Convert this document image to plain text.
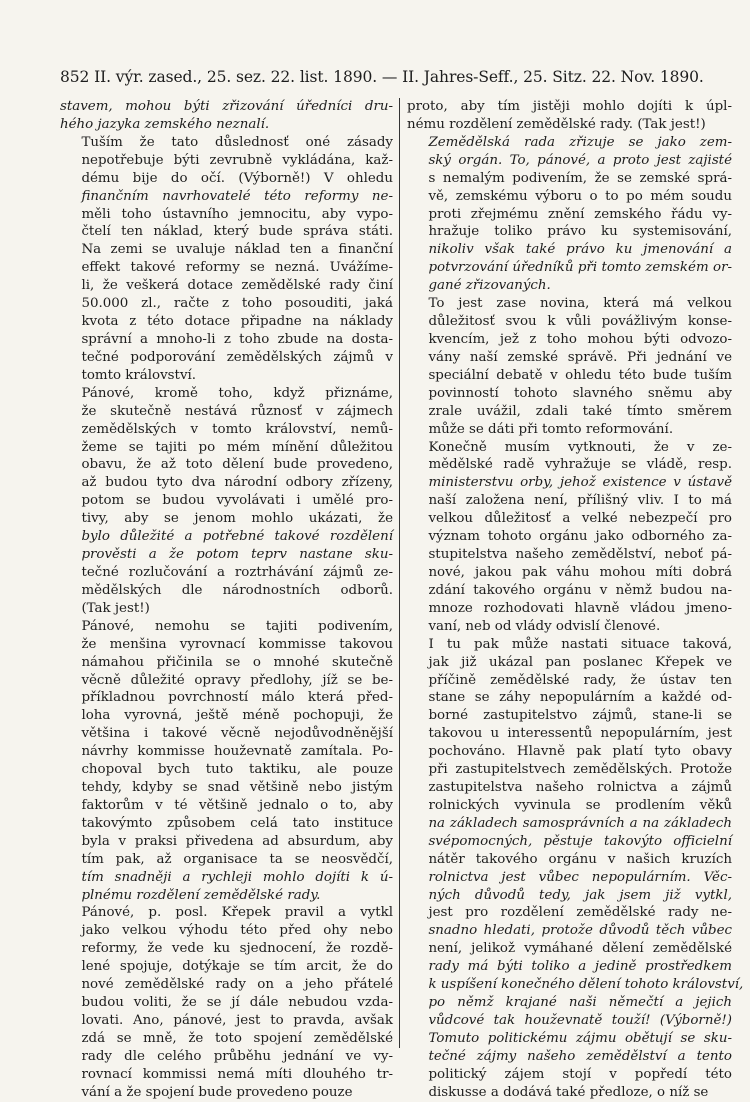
852 II. výr. zased., 25. sez. 22. list. 1890. — II. Jahres-Seff., 25. Sitz. 22. Nov. 1890.

stavem, mohou býti zřizování úředníci dru-
hého jazyka zemského neznalí.

Tuším že tato důslednosť oné zásady
nepotřebuje býti zevrubně vykládána, kaž-
dému bije do očí. (Výborně!) V ohledu
finančním navrhovatelé této reformy ne-
měli toho ústavního jemnocitu, aby vypo-
čtelí ten náklad, který bude správa státi.
Na zemi se uvaluje náklad ten a finanční
effekt takové reformy se nezná. Uvážíme-
li, že veškerá dotace zemědělské rady činí
50.000 zl., račte z toho posouditi, jaká
kvota z této dotace připadne na náklady
správní a mnoho-li z toho zbude na dosta-
tečné podporování zemědělských zájmů v
tomto království.

Pánové, kromě toho, když přiznáme,
že skutečně nestává různosť v zájmech
zemědělských v tomto království, nemů-
žeme se tajiti po mém mínění důležitou
obavu, že až toto dělení bude provedeno,
až budou tyto dva národní odbory zřízeny,
potom se budou vyvolávati i umělé pro-
tivy, aby se jenom mohlo ukázati, že
bylo důležité a potřebné takové rozdělení
prověsti a že potom teprv nastane sku-
tečné rozlučování a roztrhávání zájmů ze-
mědělských dle národnostních odborů.
(Tak jest!)

Pánové, nemohu se tajiti podivením,
že menšina vyrovnací kommisse takovou
námahou přičinila se o mnohé skutečně
věcně důležité opravy předlohy, jíž se be-
příkladnou povrchností málo která před-
loha vyrovná, ještě méně pochopuji, že
většina i takové věcně nejodůvodněnější
návrhy kommisse houževnatě zamítala. Po-
chopoval bych tuto taktiku, ale pouze
tehdy, kdyby se snad většině nebo jistým
faktorům v té většině jednalo o to, aby
takovýmto způsobem celá tato instituce
byla v praksi přivedena ad absurdum, aby
tím pak, až organisace ta se neosvědčí,
tím snadněji a rychleji mohlo dojíti k ú-
plnému rozdělení zemědělské rady.

Pánové, p. posl. Křepek pravil a vytkl
jako velkou výhodu této před ohy nebo
reformy, že vede ku sjednocení, že rozdě-
lené spojuje, dotýkaje se tím arcit, že do
nové zemědělské rady on a jeho přátelé
budou voliti, že se jí dále nebudou vzda-
lovati. Ano, pánové, jest to pravda, avšak
zdá se mně, že toto spojení zemědělské
rady dle celého průběhu jednání ve vy-
rovnací kommissi nemá míti dlouhého tr-
vání a že spojení bude provedeno pouze

proto, aby tím jistěji mohlo dojíti k úpl-
nému rozdělení zemědělské rady. (Tak jest!)

Zemědělská rada zřizuje se jako zem-
ský orgán. To, pánové, a proto jest zajisté
s nemalým podivením, že se zemské sprá-
vě, zemskému výboru o to po mém soudu
proti zřejmému znění zemského řádu vy-
hražuje toliko právo ku systemisování,
nikoliv však také právo ku jmenování a
potvrzování úředníků při tomto zemském or-
gané zřizovaných.

To jest zase novina, která má velkou
důležitosť svou k vůli povážlivým konse-
kvencím, jež z toho mohou býti odvozo-
vány naší zemské správě. Při jednání ve
speciální debatě v ohledu této bude tuším
povinností tohoto slavného sněmu aby
zrale uvážil, zdali také tímto směrem
může se dáti při tomto reformování.

Konečně musím vytknouti, že v ze-
mědělské radě vyhražuje se vládě, resp.
ministerstvu orby, jehož existence v ústavě
naší založena není, přílišný vliv. I to má
velkou důležitosť a velké nebezpečí pro
význam tohoto orgánu jako odborného za-
stupitelstva našeho zemědělství, neboť pá-
nové, jakou pak váhu mohou míti dobrá
zdání takového orgánu v němž budou na-
mnoze rozhodovati hlavně vládou jmeno-
vaní, neb od vlády odvislí členové.

I tu pak může nastati situace taková,
jak již ukázal pan poslanec Křepek ve
příčině zemědělské rady, že ústav ten
stane se záhy nepopulárním a každé od-
borné zastupitelstvo zájmů, stane-li se
takovou u interessentů nepopulárním, jest
pochováno. Hlavně pak platí tyto obavy
při zastupitelstvech zemědělských. Protože
zastupitelstva našeho rolnictva a zájmů
rolnických vyvinula se prodlením věků
na základech samosprávních a na základech
svépomocných, pěstuje takovýto officielní
nátěr takového orgánu v našich kruzích
rolnictva jest vůbec nepopulárním. Věc-
ných důvodů tedy, jak jsem již vytkl,
jest pro rozdělení zemědělské rady ne-
snadno hledati, protože důvodů těch vůbec
není, jelikož vymáhané dělení zemědělské
rady má býti toliko a jedině prostředkem
k uspíšení konečného dělení tohoto království,
po němž krajané naši němečtí a jejich
vůdcové tak houževnatě touží! (Výborně!)
Tomuto politickému zájmu obětují se sku-
tečné zájmy našeho zemědělství a tento
politický zájem stojí v popředí této
diskusse a dodává také předloze, o níž se
